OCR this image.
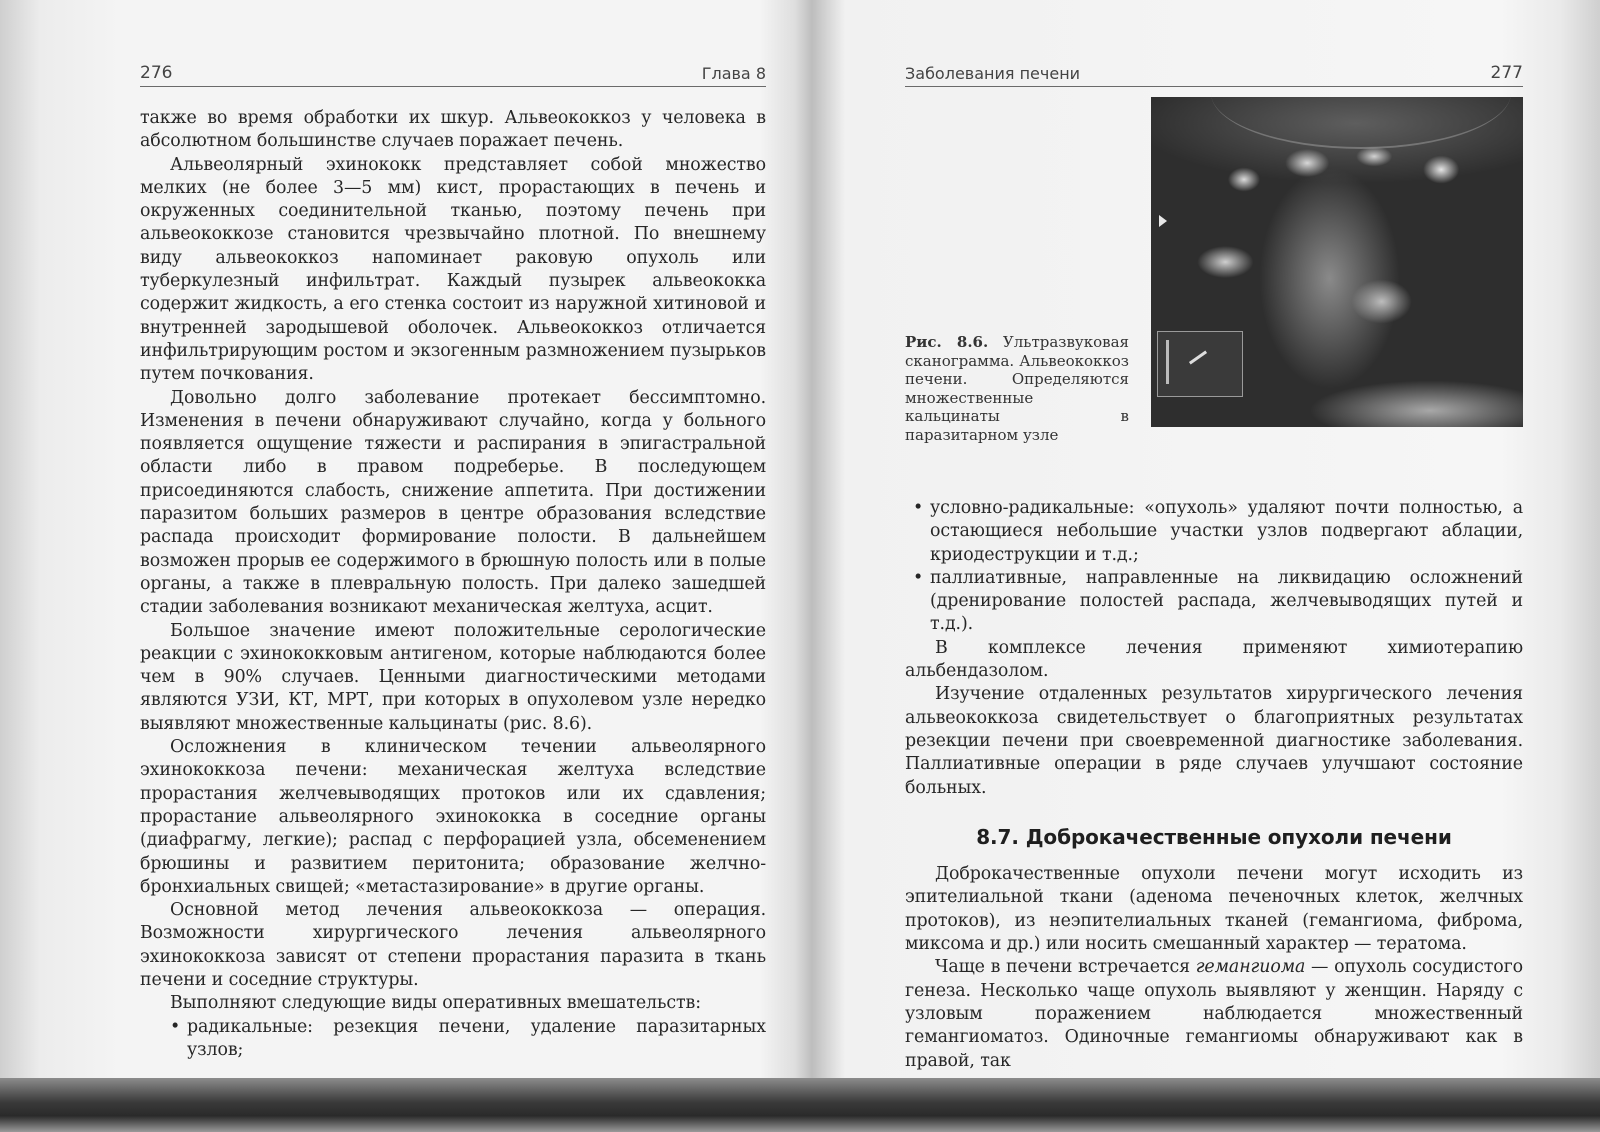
276	Глава 8

также во время обработки их шкур. Альвеококкоз у человека в абсолютном большинстве случаев поражает печень.

Альвеолярный эхинококк представляет собой множество мелких (не более 3—5 мм) кист, прорастающих в печень и окруженных соединительной тканью, поэтому печень при альвеококкозе становится чрезвычайно плотной. По внешнему виду альвеококкоз напоминает раковую опухоль или туберкулезный инфильтрат. Каждый пузырек альвеококка содержит жидкость, а его стенка состоит из наружной хитиновой и внутренней зародышевой оболочек. Альвеококкоз отличается инфильтрирующим ростом и экзогенным размножением пузырьков путем почкования.

Довольно долго заболевание протекает бессимптомно. Изменения в печени обнаруживают случайно, когда у больного появляется ощущение тяжести и распирания в эпигастральной области либо в правом подреберье. В последующем присоединяются слабость, снижение аппетита. При достижении паразитом больших размеров в центре образования вследствие распада происходит формирование полости. В дальнейшем возможен прорыв ее содержимого в брюшную полость или в полые органы, а также в плевральную полость. При далеко зашедшей стадии заболевания возникают механическая желтуха, асцит.

Большое значение имеют положительные серологические реакции с эхинококковым антигеном, которые наблюдаются более чем в 90% случаев. Ценными диагностическими методами являются УЗИ, КТ, МРТ, при которых в опухолевом узле нередко выявляют множественные кальцинаты (рис. 8.6).

Осложнения в клиническом течении альвеолярного эхинококкоза печени: механическая желтуха вследствие прорастания желчевыводящих протоков или их сдавления; прорастание альвеолярного эхинококка в соседние органы (диафрагму, легкие); распад с перфорацией узла, обсеменением брюшины и развитием перитонита; образование желчно-бронхиальных свищей; «метастазирование» в другие органы.

Основной метод лечения альвеококкоза — операция. Возможности хирургического лечения альвеолярного эхинококкоза зависят от степени прорастания паразита в ткань печени и соседние структуры.

Выполняют следующие виды оперативных вмешательств:

• радикальные: резекция печени, удаление паразитарных узлов;
Заболевания печени	277
Рис. 8.6. Ультразвуковая сканограмма. Альвеококкоз печени. Определяются множественные кальцинаты в паразитарном узле
• условно-радикальные: «опухоль» удаляют почти полностью, а остающиеся небольшие участки узлов подвергают аблации, криодеструкции и т.д.;
• паллиативные, направленные на ликвидацию осложнений (дренирование полостей распада, желчевыводящих путей и т.д.).

В комплексе лечения применяют химиотерапию альбендазолом.

Изучение отдаленных результатов хирургического лечения альвеококкоза свидетельствует о благоприятных результатах резекции печени при своевременной диагностике заболевания. Паллиативные операции в ряде случаев улучшают состояние больных.

8.7. Доброкачественные опухоли печени

Доброкачественные опухоли печени могут исходить из эпителиальной ткани (аденома печеночных клеток, желчных протоков), из неэпителиальных тканей (гемангиома, фиброма, миксома и др.) или носить смешанный характер — тератома.

Чаще в печени встречается гемангиома — опухоль сосудистого генеза. Несколько чаще опухоль выявляют у женщин. Наряду с узловым поражением наблюдается множественный гемангиоматоз. Одиночные гемангиомы обнаруживают как в правой, так
